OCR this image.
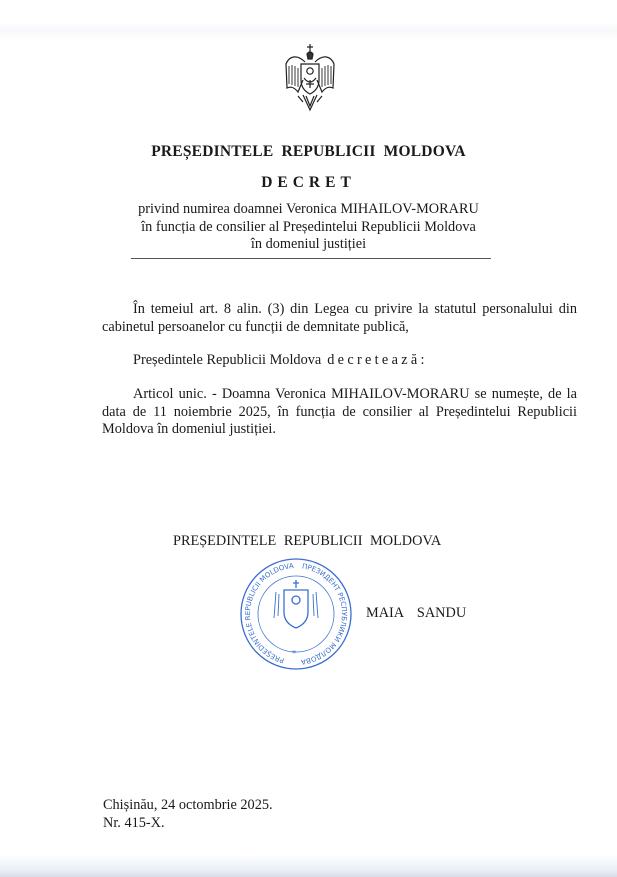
PREȘEDINTELE REPUBLICII MOLDOVA
DECRET
privind numirea doamnei Veronica MIHAILOV-MORARU
în funcția de consilier al Președintelui Republicii Moldova
în domeniul justiției
În temeiul art. 8 alin. (3) din Legea cu privire la statutul personalului din cabinetul persoanelor cu funcții de demnitate publică,
Președintele Republicii Moldova decretează:
Articol unic. - Doamna Veronica MIHAILOV-MORARU se numește, de la data de 11 noiembrie 2025, în funcția de consilier al Președintelui Republicii Moldova în domeniul justiției.
PREȘEDINTELE REPUBLICII MOLDOVA
PREȘEDINTELE REPUBLICII MOLDOVA ПРЕЗИДЕНТ РЕСПУБЛИКИ МОЛДОВА
*
MAIA SANDU
Chișinău, 24 octombrie 2025.
Nr. 415-X.
